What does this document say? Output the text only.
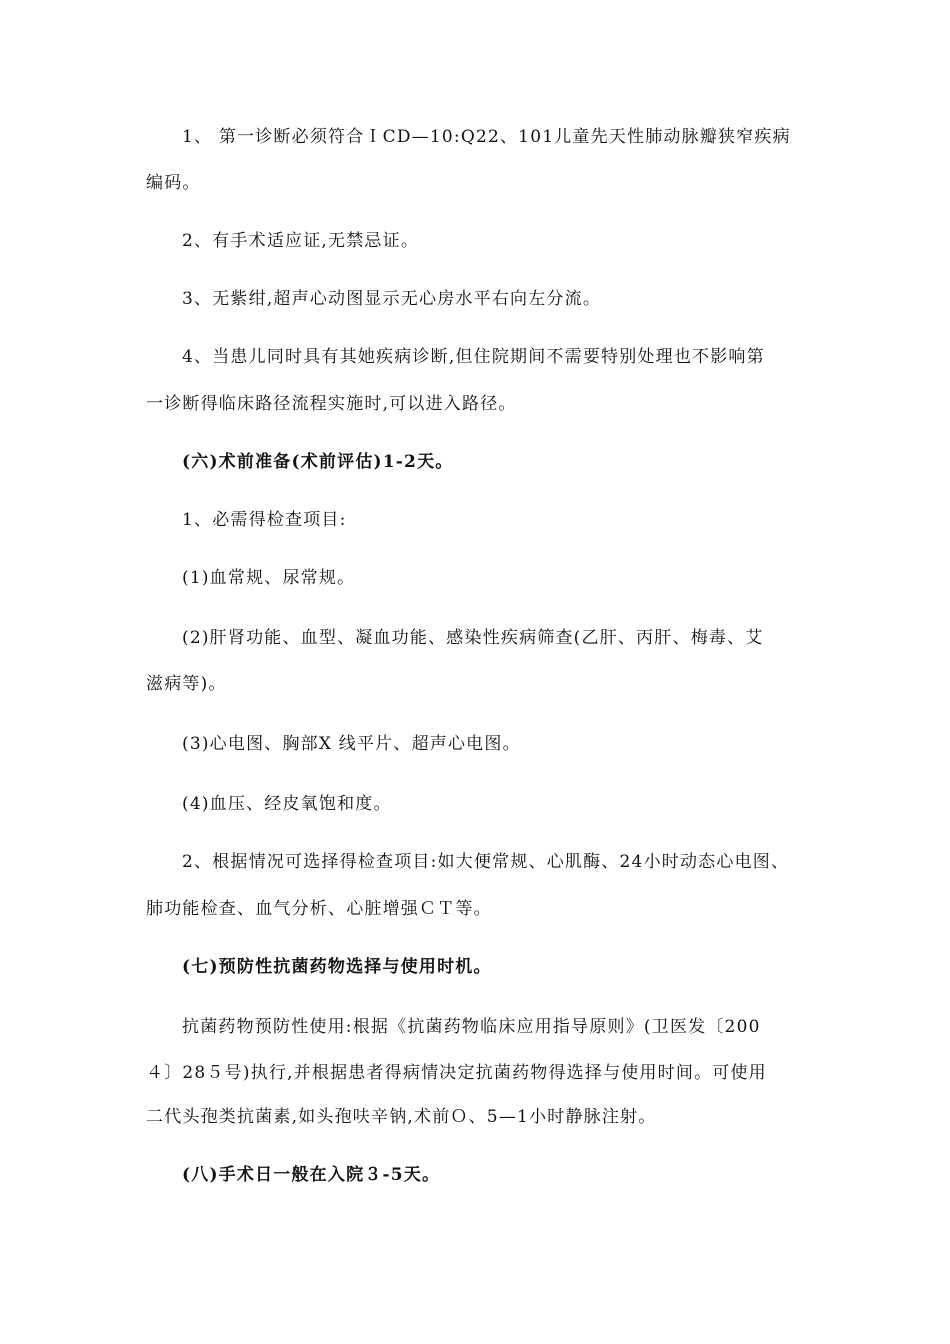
1、 第一诊断必须符合ＩCD—10:Q22、101儿童先天性肺动脉瓣狭窄疾病
编码。
2、有手术适应证,无禁忌证。
3、无紫绀,超声心动图显示无心房水平右向左分流。
4、当患儿同时具有其她疾病诊断,但住院期间不需要特别处理也不影响第
一诊断得临床路径流程实施时,可以进入路径。
(六)术前准备(术前评估)1-2天。
1、必需得检查项目:
(1)血常规、尿常规。
(2)肝肾功能、血型、凝血功能、感染性疾病筛查(乙肝、丙肝、梅毒、艾
滋病等)。
(3)心电图、胸部X 线平片、超声心电图。
(4)血压、经皮氧饱和度。
2、根据情况可选择得检查项目:如大便常规、心肌酶、24小时动态心电图、
肺功能检查、血气分析、心脏增强ＣＴ等。
(七)预防性抗菌药物选择与使用时机。
抗菌药物预防性使用:根据《抗菌药物临床应用指导原则》(卫医发〔200
４〕28５号)执行,并根据患者得病情决定抗菌药物得选择与使用时间。可使用
二代头孢类抗菌素,如头孢呋辛钠,术前Ｏ、5—1小时静脉注射。
(八)手术日一般在入院３-5天。
